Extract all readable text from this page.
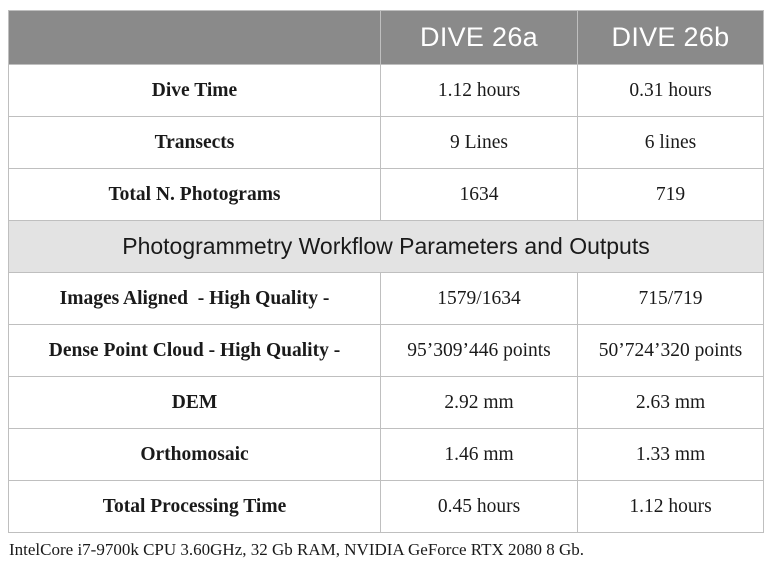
	DIVE 26a	DIVE 26b
Dive Time	1.12 hours	0.31 hours
Transects	9 Lines	6 lines
Total N. Photograms	1634	719
Photogrammetry Workflow Parameters and Outputs		
Images Aligned  - High Quality -	1579/1634	715/719
Dense Point Cloud - High Quality -	95’309’446 points	50’724’320 points
DEM	2.92 mm	2.63 mm
Orthomosaic	1.46 mm	1.33 mm
Total Processing Time	0.45 hours	1.12 hours
IntelCore i7-9700k CPU 3.60GHz, 32 Gb RAM, NVIDIA GeForce RTX 2080 8 Gb.
